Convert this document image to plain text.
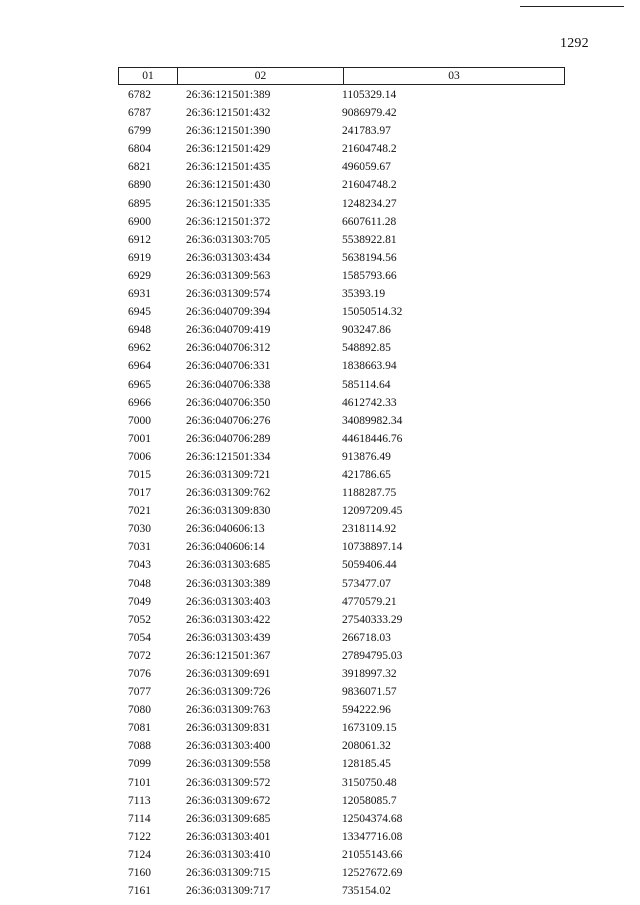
1292
01	02	03
6782	26:36:121501:389	1105329.14
6787	26:36:121501:432	9086979.42
6799	26:36:121501:390	241783.97
6804	26:36:121501:429	21604748.2
6821	26:36:121501:435	496059.67
6890	26:36:121501:430	21604748.2
6895	26:36:121501:335	1248234.27
6900	26:36:121501:372	6607611.28
6912	26:36:031303:705	5538922.81
6919	26:36:031303:434	5638194.56
6929	26:36:031309:563	1585793.66
6931	26:36:031309:574	35393.19
6945	26:36:040709:394	15050514.32
6948	26:36:040709:419	903247.86
6962	26:36:040706:312	548892.85
6964	26:36:040706:331	1838663.94
6965	26:36:040706:338	585114.64
6966	26:36:040706:350	4612742.33
7000	26:36:040706:276	34089982.34
7001	26:36:040706:289	44618446.76
7006	26:36:121501:334	913876.49
7015	26:36:031309:721	421786.65
7017	26:36:031309:762	1188287.75
7021	26:36:031309:830	12097209.45
7030	26:36:040606:13	2318114.92
7031	26:36:040606:14	10738897.14
7043	26:36:031303:685	5059406.44
7048	26:36:031303:389	573477.07
7049	26:36:031303:403	4770579.21
7052	26:36:031303:422	27540333.29
7054	26:36:031303:439	266718.03
7072	26:36:121501:367	27894795.03
7076	26:36:031309:691	3918997.32
7077	26:36:031309:726	9836071.57
7080	26:36:031309:763	594222.96
7081	26:36:031309:831	1673109.15
7088	26:36:031303:400	208061.32
7099	26:36:031309:558	128185.45
7101	26:36:031309:572	3150750.48
7113	26:36:031309:672	12058085.7
7114	26:36:031309:685	12504374.68
7122	26:36:031303:401	13347716.08
7124	26:36:031303:410	21055143.66
7160	26:36:031309:715	12527672.69
7161	26:36:031309:717	735154.02
